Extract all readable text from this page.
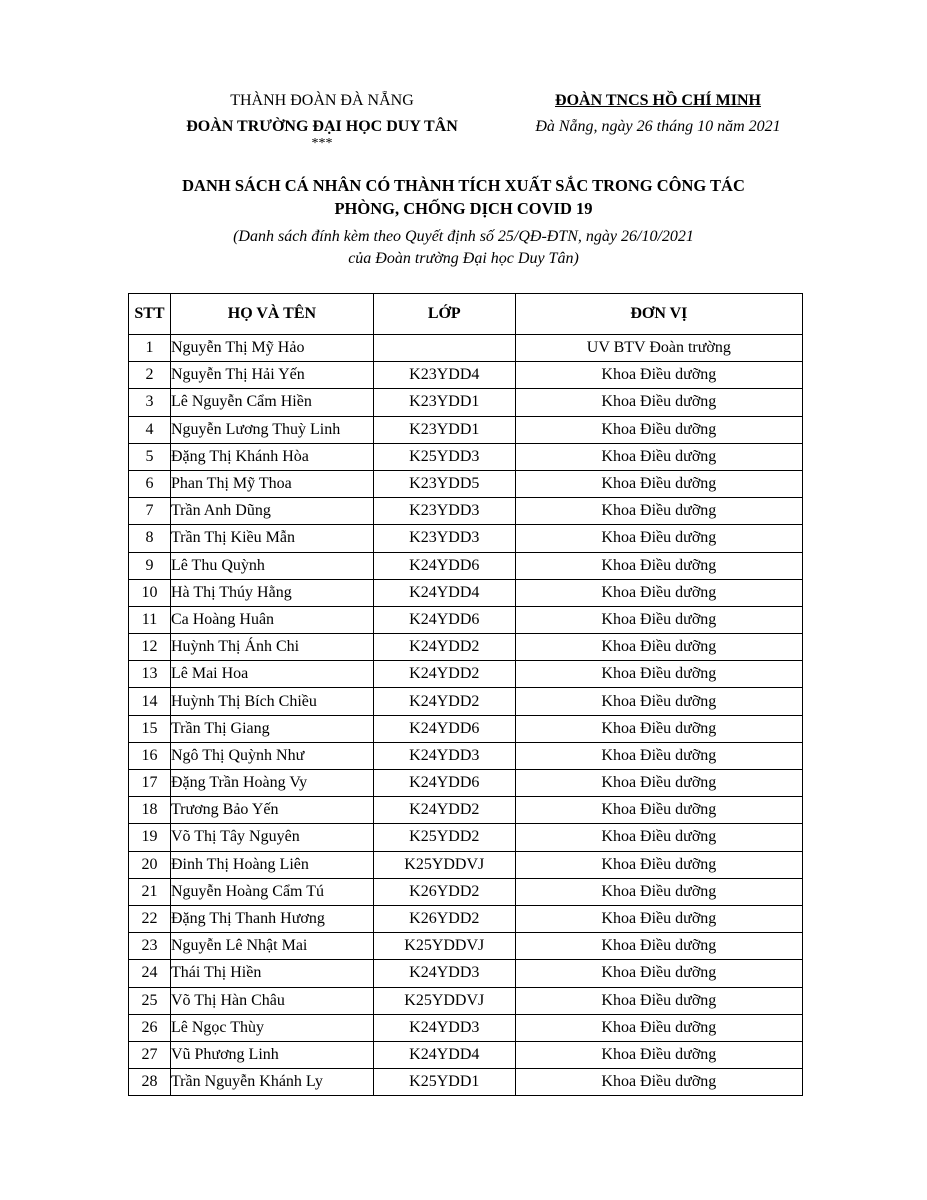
THÀNH ĐOÀN ĐÀ NẴNG
ĐOÀN TRƯỜNG ĐẠI HỌC DUY TÂN
***
ĐOÀN TNCS HỒ CHÍ MINH
Đà Nẵng, ngày 26 tháng 10 năm 2021
DANH SÁCH CÁ NHÂN CÓ THÀNH TÍCH XUẤT SẮC TRONG CÔNG TÁC
PHÒNG, CHỐNG DỊCH COVID 19
(Danh sách đính kèm theo Quyết định số 25/QĐ-ĐTN, ngày 26/10/2021
của Đoàn trường Đại học Duy Tân)
STT	HỌ VÀ TÊN	LỚP	ĐƠN VỊ
1	Nguyễn Thị Mỹ Hảo		UV BTV Đoàn trường
2	Nguyễn Thị Hải Yến	K23YDD4	Khoa Điều dưỡng
3	Lê Nguyễn Cẩm Hiền	K23YDD1	Khoa Điều dưỡng
4	Nguyễn Lương Thuỳ Linh	K23YDD1	Khoa Điều dưỡng
5	Đặng Thị Khánh Hòa	K25YDD3	Khoa Điều dưỡng
6	Phan Thị Mỹ Thoa	K23YDD5	Khoa Điều dưỡng
7	Trần Anh Dũng	K23YDD3	Khoa Điều dưỡng
8	Trần Thị Kiều Mẫn	K23YDD3	Khoa Điều dưỡng
9	Lê Thu Quỳnh	K24YDD6	Khoa Điều dưỡng
10	Hà Thị Thúy Hằng	K24YDD4	Khoa Điều dưỡng
11	Ca Hoàng Huân	K24YDD6	Khoa Điều dưỡng
12	Huỳnh Thị Ánh Chi	K24YDD2	Khoa Điều dưỡng
13	Lê Mai Hoa	K24YDD2	Khoa Điều dưỡng
14	Huỳnh Thị Bích Chiều	K24YDD2	Khoa Điều dưỡng
15	Trần Thị Giang	K24YDD6	Khoa Điều dưỡng
16	Ngô Thị Quỳnh Như	K24YDD3	Khoa Điều dưỡng
17	Đặng Trần Hoàng Vy	K24YDD6	Khoa Điều dưỡng
18	Trương Bảo Yến	K24YDD2	Khoa Điều dưỡng
19	Võ Thị Tây Nguyên	K25YDD2	Khoa Điều dưỡng
20	Đinh Thị Hoàng Liên	K25YDDVJ	Khoa Điều dưỡng
21	Nguyễn Hoàng Cẩm Tú	K26YDD2	Khoa Điều dưỡng
22	Đặng Thị Thanh Hương	K26YDD2	Khoa Điều dưỡng
23	Nguyễn Lê Nhật Mai	K25YDDVJ	Khoa Điều dưỡng
24	Thái Thị Hiền	K24YDD3	Khoa Điều dưỡng
25	Võ Thị Hàn Châu	K25YDDVJ	Khoa Điều dưỡng
26	Lê Ngọc Thùy	K24YDD3	Khoa Điều dưỡng
27	Vũ Phương Linh	K24YDD4	Khoa Điều dưỡng
28	Trần Nguyễn Khánh Ly	K25YDD1	Khoa Điều dưỡng
